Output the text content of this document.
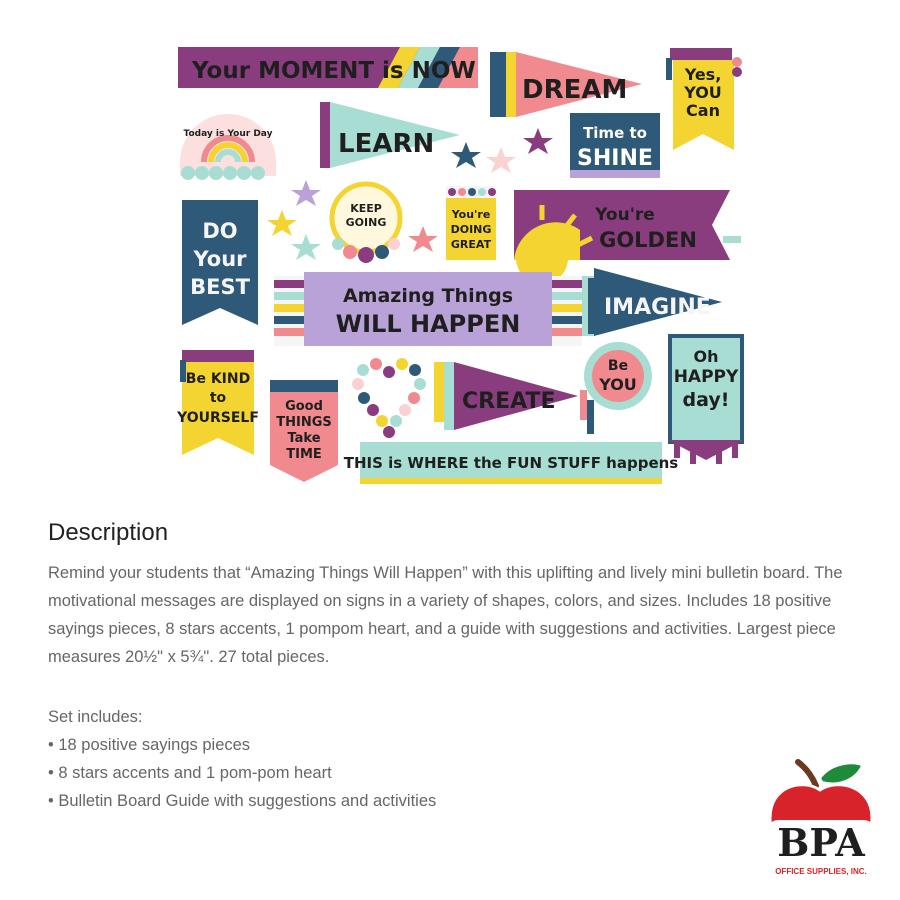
Your MOMENT is NOW
DREAM
Yes,
YOU
Can
Today is Your Day	LEARN	Time to
SHINE
DO
Your
BEST
KEEP
GOING
You're
DOING
GREAT
You're
GOLDEN
Amazing Things
WILL HAPPEN
IMAGINE
Be KIND
to
YOURSELF
Good
THINGS
Take
TIME
CREATE
Be
YOU
Oh
HAPPY
day!
THIS is WHERE the FUN STUFF happens
Description

Remind your students that “Amazing Things Will Happen” with this uplifting and lively mini bulletin board. The motivational messages are displayed on signs in a variety of shapes, colors, and sizes. Includes 18 positive sayings pieces, 8 stars accents, 1 pompom heart, and a guide with suggestions and activities. Largest piece measures 20½" x 5¾". 27 total pieces.

Set includes:
• 18 positive sayings pieces
• 8 stars accents and 1 pom-pom heart
• Bulletin Board Guide with suggestions and activities
BPA
OFFICE SUPPLIES, INC.
